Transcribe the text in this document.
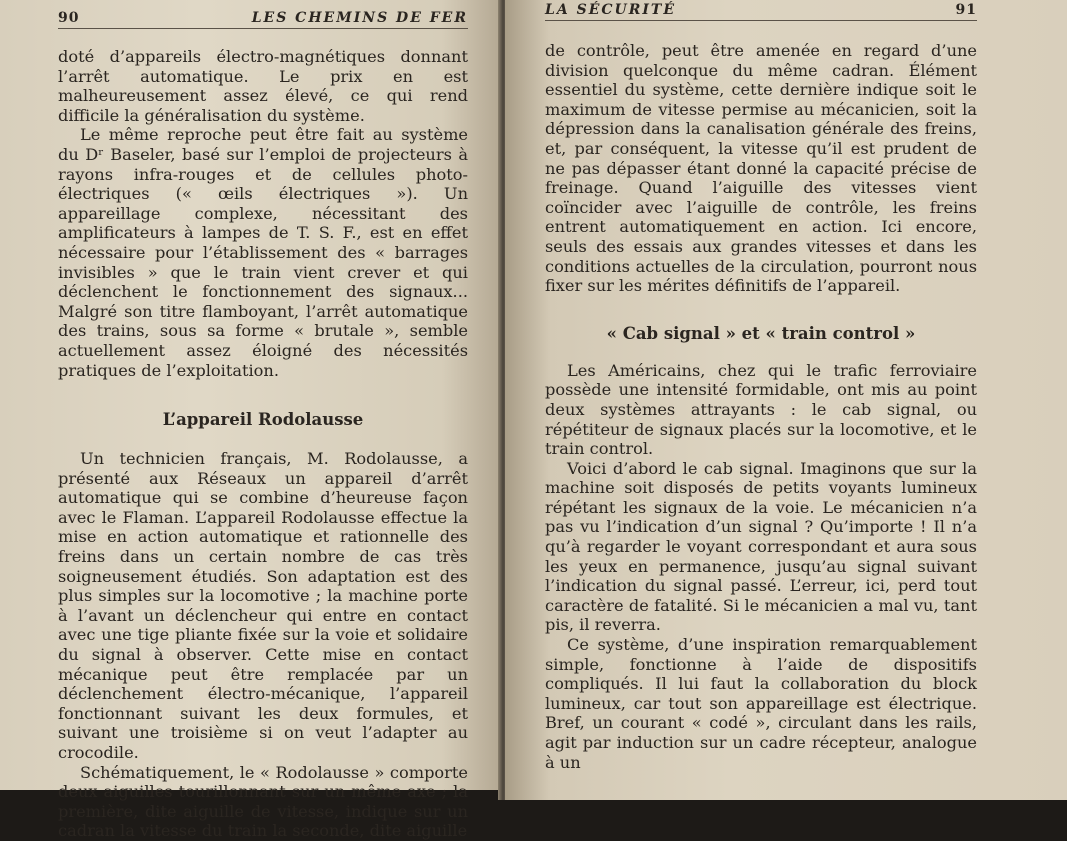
90	LES CHEMINS DE FER

doté d’appareils électro-magnétiques donnant l’arrêt automatique. Le prix en est malheureusement assez élevé, ce qui rend difficile la généralisation du système.

Le même reproche peut être fait au système du Dʳ Baseler, basé sur l’emploi de projecteurs à rayons infra-rouges et de cellules photo-électriques (« œils électriques »). Un appareillage complexe, nécessitant des amplificateurs à lampes de T. S. F., est en effet nécessaire pour l’établissement des « barrages invisibles » que le train vient crever et qui déclenchent le fonctionnement des signaux... Malgré son titre flamboyant, l’arrêt automatique des trains, sous sa forme « brutale », semble actuellement assez éloigné des nécessités pratiques de l’exploitation.

L’appareil Rodolausse

Un technicien français, M. Rodolausse, a présenté aux Réseaux un appareil d’arrêt automatique qui se combine d’heureuse façon avec le Flaman. L’appareil Rodolausse effectue la mise en action automatique et rationnelle des freins dans un certain nombre de cas très soigneusement étudiés. Son adaptation est des plus simples sur la locomotive ; la machine porte à l’avant un déclencheur qui entre en contact avec une tige pliante fixée sur la voie et solidaire du signal à observer. Cette mise en contact mécanique peut être remplacée par un déclenchement électro-mécanique, l’appareil fonctionnant suivant les deux formules, et suivant une troisième si on veut l’adapter au crocodile.

Schématiquement, le « Rodolausse » comporte deux aiguilles tourillonnant sur un même axe ; la première, dite aiguille de vitesse, indique sur un cadran la vitesse du train la seconde, dite aiguille

LA SÉCURITÉ	91

de contrôle, peut être amenée en regard d’une division quelconque du même cadran. Élément essentiel du système, cette dernière indique soit le maximum de vitesse permise au mécanicien, soit la dépression dans la canalisation générale des freins, et, par conséquent, la vitesse qu’il est prudent de ne pas dépasser étant donné la capacité précise de freinage. Quand l’aiguille des vitesses vient coïncider avec l’aiguille de contrôle, les freins entrent automatiquement en action. Ici encore, seuls des essais aux grandes vitesses et dans les conditions actuelles de la circulation, pourront nous fixer sur les mérites définitifs de l’appareil.

« Cab signal » et « train control »

Les Américains, chez qui le trafic ferroviaire possède une intensité formidable, ont mis au point deux systèmes attrayants : le cab signal, ou répétiteur de signaux placés sur la locomotive, et le train control.

Voici d’abord le cab signal. Imaginons que sur la machine soit disposés de petits voyants lumineux répétant les signaux de la voie. Le mécanicien n’a pas vu l’indication d’un signal ? Qu’importe ! Il n’a qu’à regarder le voyant correspondant et aura sous les yeux en permanence, jusqu’au signal suivant l’indication du signal passé. L’erreur, ici, perd tout caractère de fatalité. Si le mécanicien a mal vu, tant pis, il reverra.

Ce système, d’une inspiration remarquablement simple, fonctionne à l’aide de dispositifs compliqués. Il lui faut la collaboration du block lumineux, car tout son appareillage est électrique. Bref, un courant « codé », circulant dans les rails, agit par induction sur un cadre récepteur, analogue à un
